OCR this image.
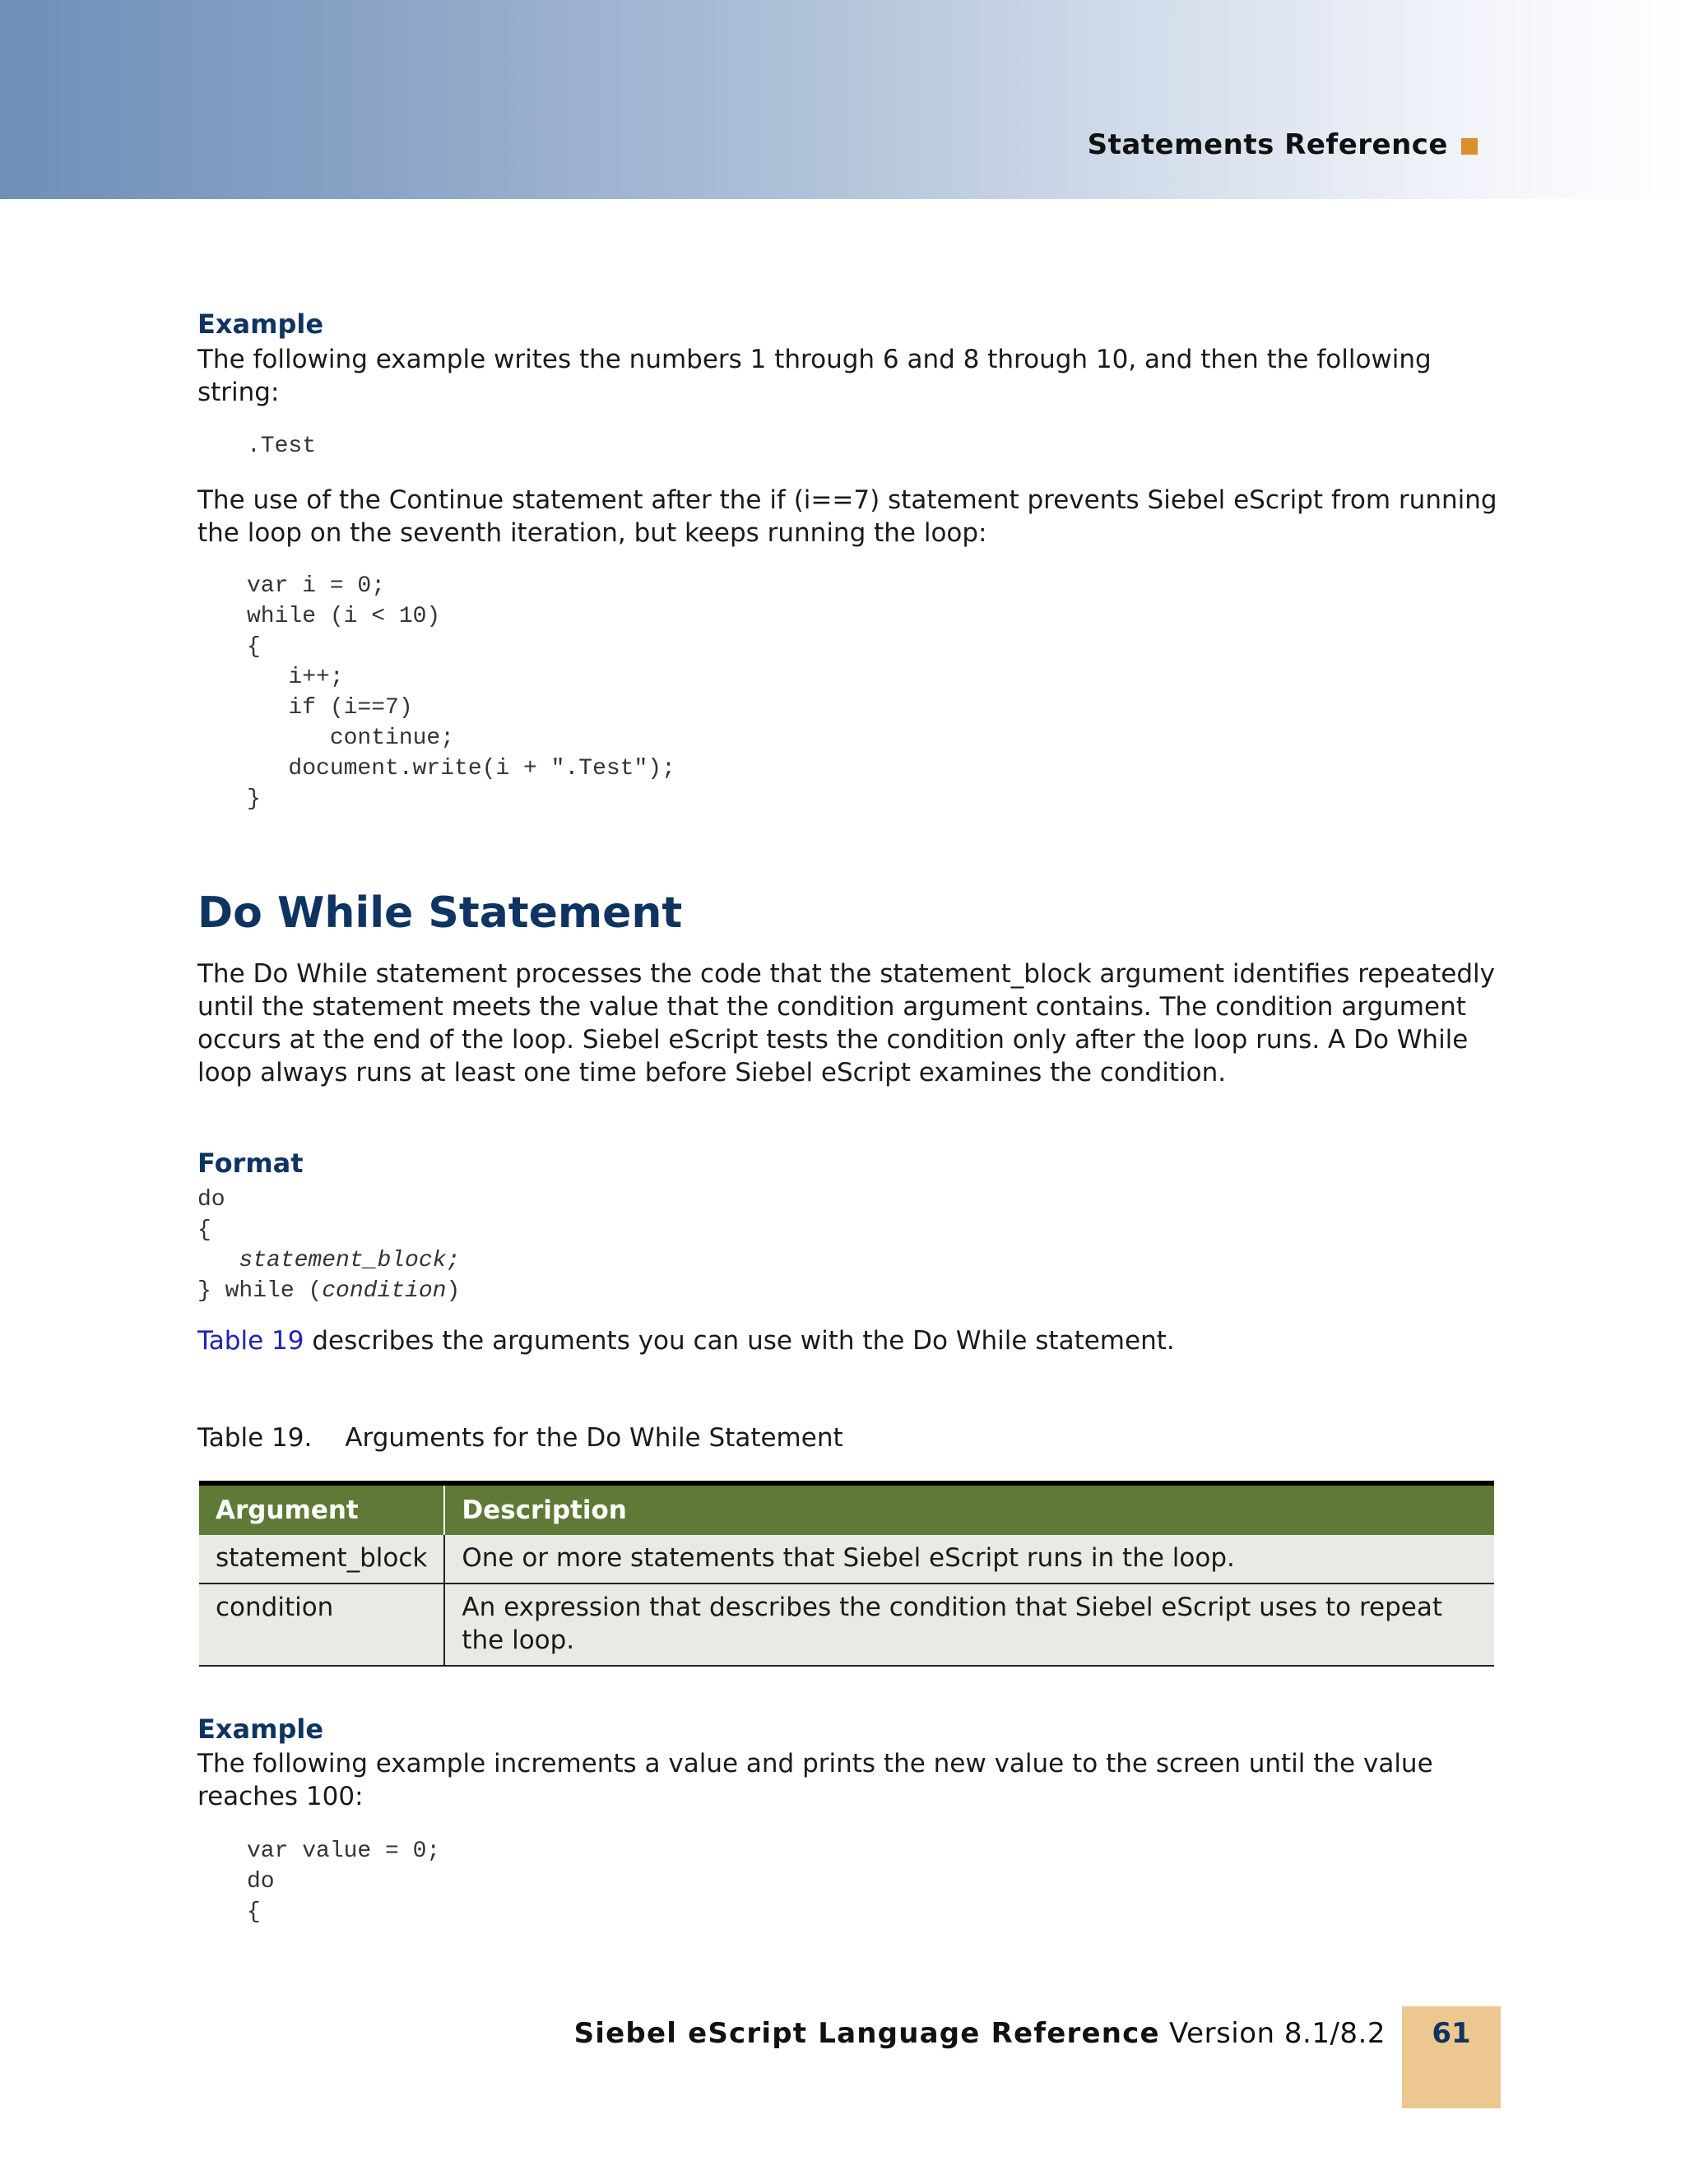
Statements Reference
Example
The following example writes the numbers 1 through 6 and 8 through 10, and then the following string:
.Test
The use of the Continue statement after the if (i==7) statement prevents Siebel eScript from running the loop on the seventh iteration, but keeps running the loop:
var i = 0;
while (i < 10)
{
i++;
if (i==7)
continue;
document.write(i + ".Test");
}
Do While Statement
The Do While statement processes the code that the statement_block argument identifies repeatedly until the statement meets the value that the condition argument contains. The condition argument occurs at the end of the loop. Siebel eScript tests the condition only after the loop runs. A Do While loop always runs at least one time before Siebel eScript examines the condition.
Format
do
{
statement_block;
} while (condition)
Table 19 describes the arguments you can use with the Do While statement.
Table 19. Arguments for the Do While Statement
Argument	Description
statement_block	One or more statements that Siebel eScript runs in the loop.
condition	An expression that describes the condition that Siebel eScript uses to repeat the loop.
Example
The following example increments a value and prints the new value to the screen until the value reaches 100:
var value = 0;
do
{
Siebel eScript Language Reference Version 8.1/8.2	61
